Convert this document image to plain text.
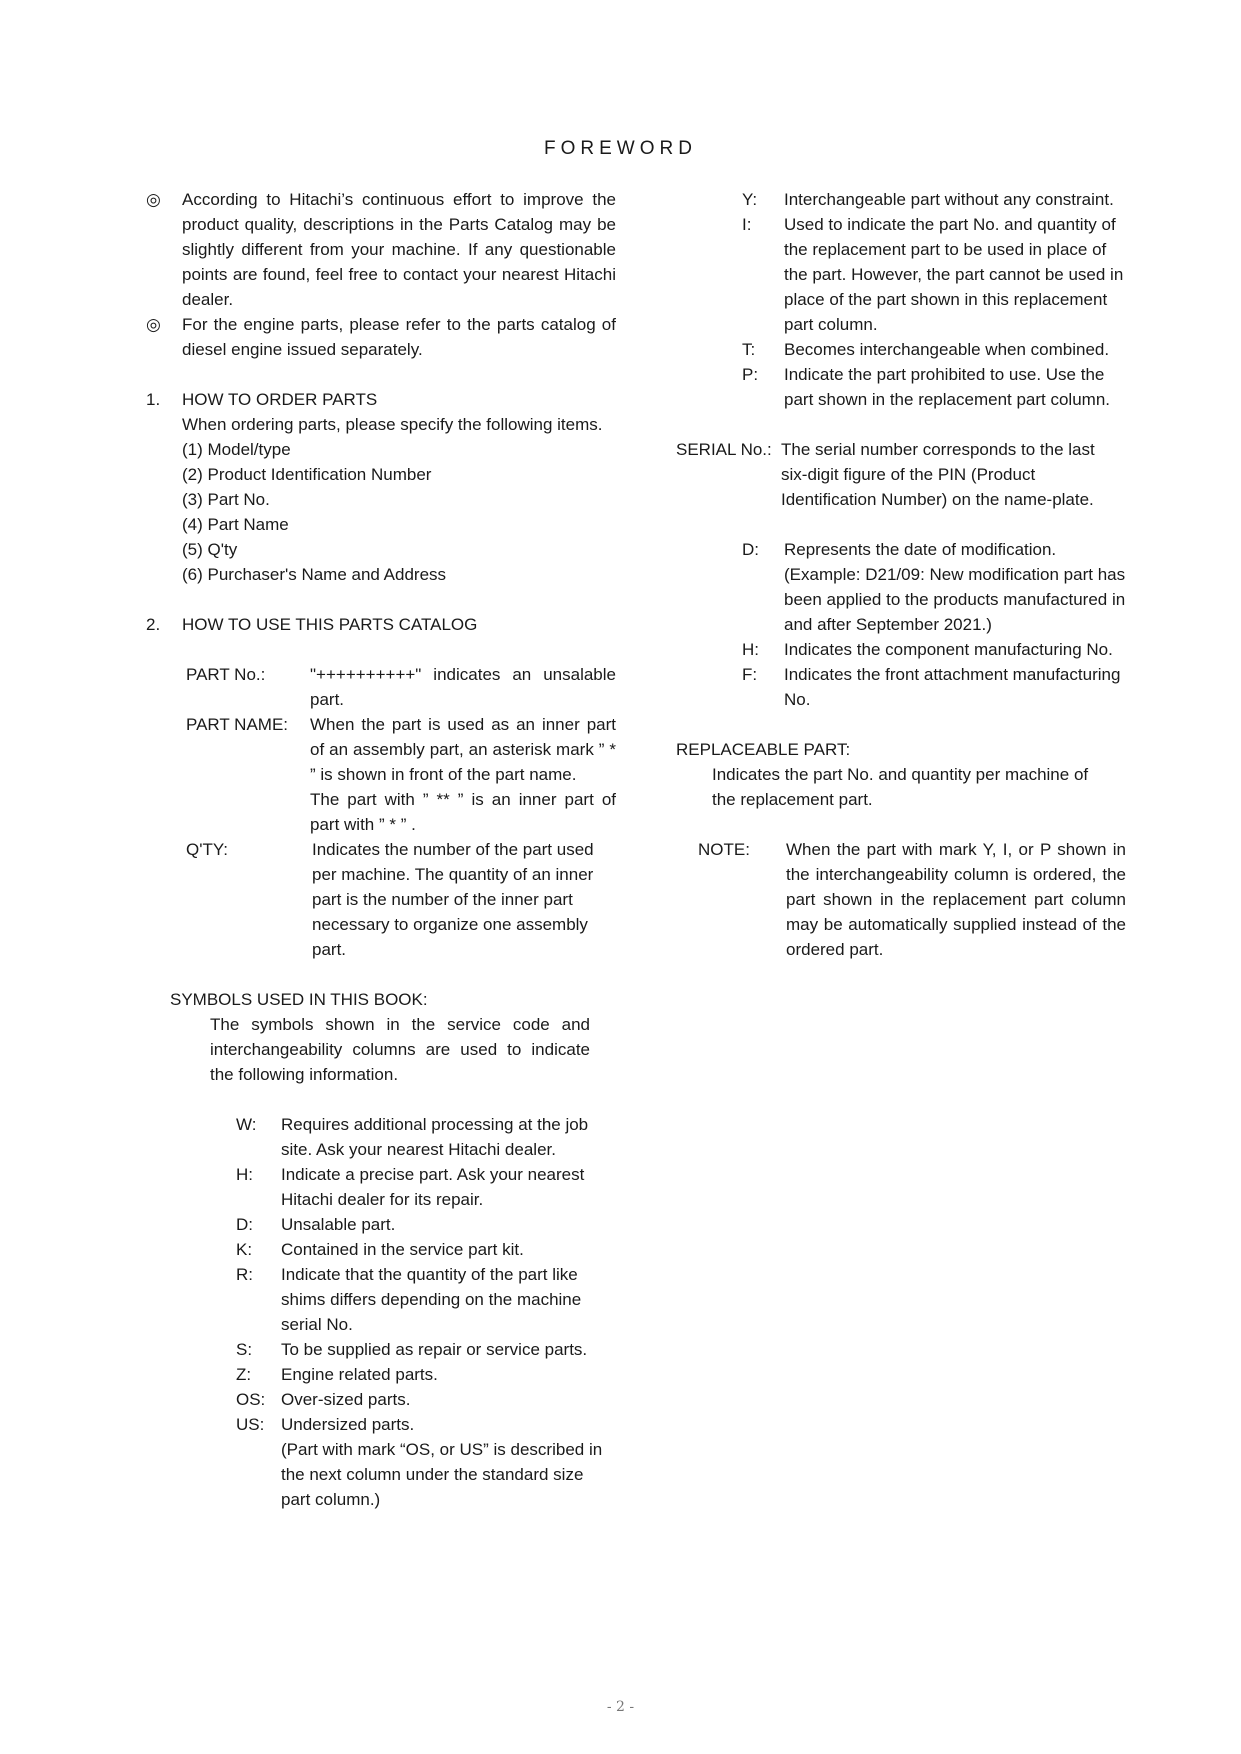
FOREWORD
◎	According to Hitachi’s continuous effort to improve the product quality, descriptions in the Parts Catalog may be slightly different from your machine. If any questionable points are found, feel free to contact your nearest Hitachi dealer.
◎	For the engine parts, please refer to the parts catalog of diesel engine issued separately.
1.	HOW TO ORDER PARTS
When ordering parts, please specify the following items.
(1) Model/type
(2) Product Identification Number
(3) Part No.
(4) Part Name
(5) Q'ty
(6) Purchaser's Name and Address
2.	HOW TO USE THIS PARTS CATALOG
PART No.:	"++++++++++" indicates an unsalable part.
PART NAME:	When the part is used as an inner part of an assembly part, an asterisk mark ” * ” is shown in front of the part name.
The part with ” ** ” is an inner part of part with ” * ” .
Q'TY:	Indicates the number of the part used per machine. The quantity of an inner part is the number of the inner part necessary to organize one assembly part.
SYMBOLS USED IN THIS BOOK:
The symbols shown in the service code and interchangeability columns are used to indicate the following information.
W:	Requires additional processing at the job site. Ask your nearest Hitachi dealer.
H:	Indicate a precise part. Ask your nearest Hitachi dealer for its repair.
D:	Unsalable part.
K:	Contained in the service part kit.
R:	Indicate that the quantity of the part like shims differs depending on the machine serial No.
S:	To be supplied as repair or service parts.
Z:	Engine related parts.
OS: Over-sized parts.
US: Undersized parts.
(Part with mark “OS, or US” is described in the next column under the standard size part column.)
Y:	Interchangeable part without any constraint.
I:	Used to indicate the part No. and quantity of the replacement part to be used in place of the part. However, the part cannot be used in place of the part shown in this replacement part column.
T:	Becomes interchangeable when combined.
P:	Indicate the part prohibited to use. Use the part shown in the replacement part column.
SERIAL No.: The serial number corresponds to the last six-digit figure of the PIN (Product Identification Number) on the name-plate.
D:	Represents the date of modification. (Example: D21/09: New modification part has been applied to the products manufactured in and after September 2021.)
H:	Indicates the component manufacturing No.
F:	Indicates the front attachment manufacturing No.
REPLACEABLE PART:
Indicates the part No. and quantity per machine of the replacement part.
NOTE:	When the part with mark Y, I, or P shown in the interchangeability column is ordered, the part shown in the replacement part column may be automatically supplied instead of the ordered part.
- 2 -
